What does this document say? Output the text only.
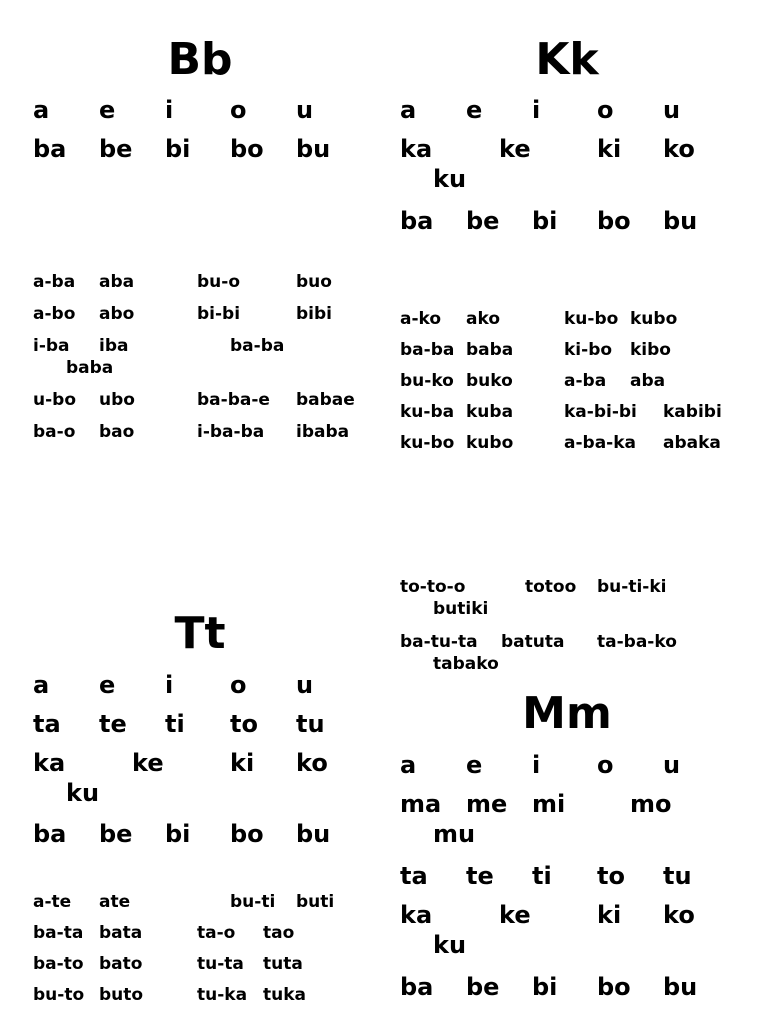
Bb
a e i o u
ba be bi bo bu
a-ba aba	bu-o	buo
a-bo abo	bi-bi	bibi
i-ba iba	ba-ba
baba
u-bo ubo	ba-ba-e babae
ba-o bao	i-ba-ba ibaba
Tt
a e i o u
ta te ti to tu
ka	ke	ki ko
ku
ba be bi bo bu
a-te ate	bu-ti buti
ba-ta bata	ta-o tao
ba-to bato	tu-ta tuta
bu-to buto	tu-ka tuka
Kk
a e i o u
ka	ke	ki ko
ku
ba be bi bo bu
a-ko ako	ku-bo kubo
ba-ba baba	ki-bo kibo
bu-ko buko	a-ba aba
ku-ba kuba	ka-bi-bi kabibi
ku-bo kubo	a-ba-ka abaka
to-to-o	totoo bu-ti-ki
butiki
ba-tu-ta batuta ta-ba-ko
tabako
Mm
a e i o u
ma me mi	mo
mu
ta te ti to tu
ka	ke	ki ko
ku
ba be bi bo bu
